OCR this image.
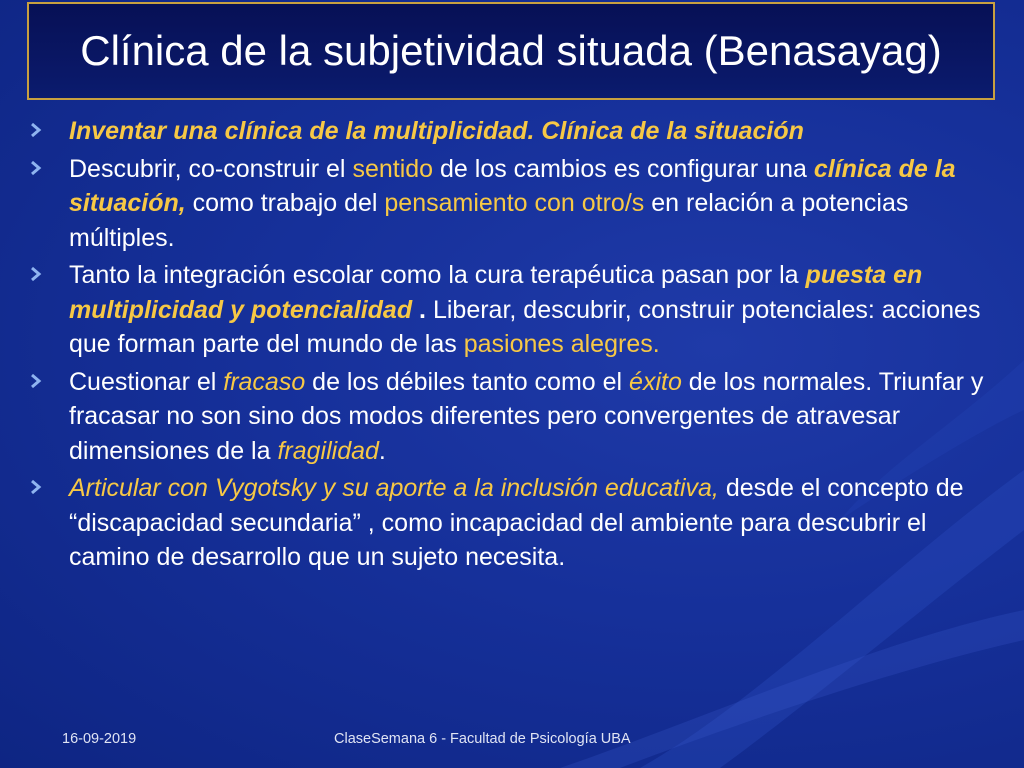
Clínica de la subjetividad situada (Benasayag)
Inventar una clínica de la multiplicidad. Clínica de la situación
Descubrir, co-construir el sentido de los cambios es configurar una clínica de la situación, como trabajo del pensamiento con otro/s en relación a potencias múltiples.
Tanto la integración escolar como la cura terapéutica pasan por la puesta en multiplicidad y potencialidad . Liberar, descubrir, construir potenciales: acciones que forman parte del mundo de las pasiones alegres.
Cuestionar el fracaso de los débiles tanto como el éxito de los normales. Triunfar y fracasar no son sino dos modos diferentes pero convergentes de atravesar dimensiones de la fragilidad.
Articular con Vygotsky y su aporte a la inclusión educativa, desde el concepto de “discapacidad secundaria” , como incapacidad del ambiente para descubrir el camino de desarrollo que un sujeto necesita.
16-09-2019	ClaseSemana 6 - Facultad de Psicología UBA
